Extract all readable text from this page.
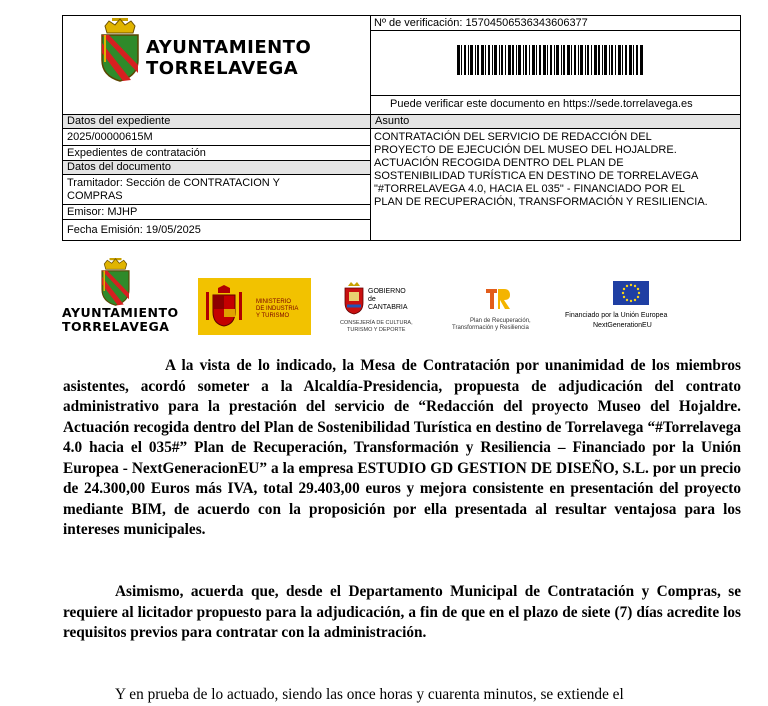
AYUNTAMIENTO
TORRELAVEGA
Nº de verificación: 15704506536343606377
Puede verificar este documento en https://sede.torrelavega.es
Datos del expediente
2025/00000615M
Expedientes de contratación
Datos del documento
Tramitador: Sección de CONTRATACION Y COMPRAS
Emisor: MJHP
Fecha Emisión: 19/05/2025
Asunto
CONTRATACIÓN DEL SERVICIO DE REDACCIÓN DEL PROYECTO DE EJECUCIÓN DEL MUSEO DEL HOJALDRE. ACTUACIÓN RECOGIDA DENTRO DEL PLAN DE SOSTENIBILIDAD TURÍSTICA EN DESTINO DE TORRELAVEGA "#TORRELAVEGA 4.0, HACIA EL 035" - FINANCIADO POR EL PLAN DE RECUPERACIÓN, TRANSFORMACIÓN Y RESILIENCIA.
AYUNTAMIENTO
TORRELAVEGA
MINISTERIO
DE INDUSTRIA
Y TURISMO
GOBIERNO
de
CANTABRIA
CONSEJERÍA DE CULTURA,
TURISMO Y DEPORTE
Plan de Recuperación,
Transformación y Resiliencia
Financiado por la Unión Europea
NextGenerationEU
A la vista de lo indicado, la Mesa de Contratación por unanimidad de los miembros asistentes, acordó someter a la Alcaldía-Presidencia, propuesta de adjudicación del contrato administrativo para la prestación del servicio de “Redacción del proyecto Museo del Hojaldre. Actuación recogida dentro del Plan de Sostenibilidad Turística en destino de Torrelavega “#Torrelavega 4.0 hacia el 035#” Plan de Recuperación, Transformación y Resiliencia – Financiado por la Unión Europea - NextGeneracionEU” a la empresa ESTUDIO GD GESTION DE DISEÑO, S.L. por un precio de 24.300,00 Euros más IVA, total 29.403,00 euros y mejora consistente en presentación del proyecto mediante BIM, de acuerdo con la proposición por ella presentada al resultar ventajosa para los intereses municipales.
Asimismo, acuerda que, desde el Departamento Municipal de Contratación y Compras, se requiere al licitador propuesto para la adjudicación, a fin de que en el plazo de siete (7) días acredite los requisitos previos para contratar con la administración.
Y en prueba de lo actuado, siendo las once horas y cuarenta minutos, se extiende el
